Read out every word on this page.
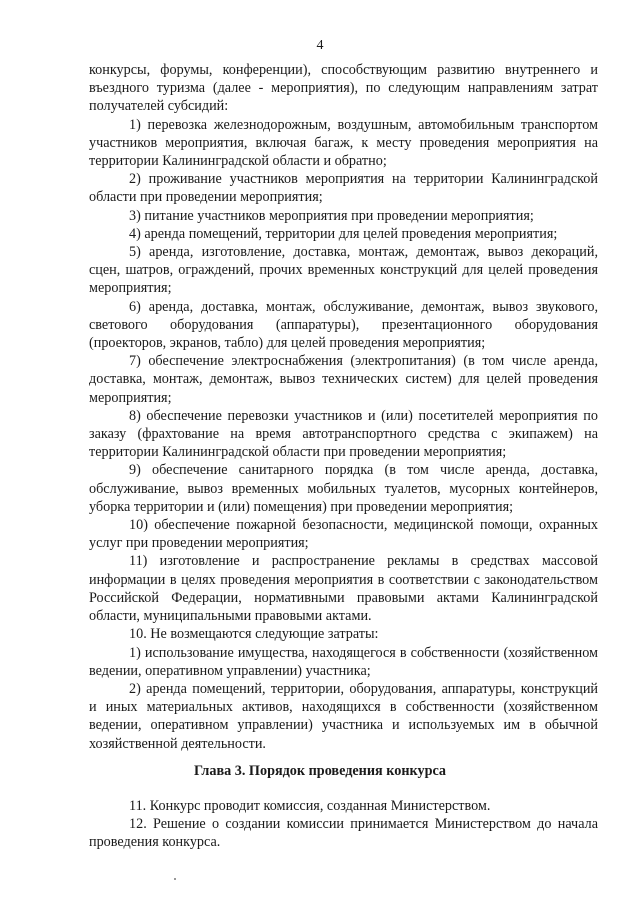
4

конкурсы, форумы, конференции), способствующим развитию внутреннего и въездного туризма (далее - мероприятия), по следующим направлениям затрат получателей субсидий:

1) перевозка железнодорожным, воздушным, автомобильным транспортом участников мероприятия, включая багаж, к месту проведения мероприятия на территории Калининградской области и обратно;

2) проживание участников мероприятия на территории Калининградской области при проведении мероприятия;

3) питание участников мероприятия при проведении мероприятия;

4) аренда помещений, территории для целей проведения мероприятия;

5) аренда, изготовление, доставка, монтаж, демонтаж, вывоз декораций, сцен, шатров, ограждений, прочих временных конструкций для целей проведения мероприятия;

6) аренда, доставка, монтаж, обслуживание, демонтаж, вывоз звукового, светового оборудования (аппаратуры), презентационного оборудования (проекторов, экранов, табло) для целей проведения мероприятия;

7) обеспечение электроснабжения (электропитания) (в том числе аренда, доставка, монтаж, демонтаж, вывоз технических систем) для целей проведения мероприятия;

8) обеспечение перевозки участников и (или) посетителей мероприятия по заказу (фрахтование на время автотранспортного средства с экипажем) на территории Калининградской области при проведении мероприятия;

9) обеспечение санитарного порядка (в том числе аренда, доставка, обслуживание, вывоз временных мобильных туалетов, мусорных контейнеров, уборка территории и (или) помещения) при проведении мероприятия;

10) обеспечение пожарной безопасности, медицинской помощи, охранных услуг при проведении мероприятия;

11) изготовление и распространение рекламы в средствах массовой информации в целях проведения мероприятия в соответствии с законодательством Российской Федерации, нормативными правовыми актами Калининградской области, муниципальными правовыми актами.

10. Не возмещаются следующие затраты:

1) использование имущества, находящегося в собственности (хозяйственном ведении, оперативном управлении) участника;

2) аренда помещений, территории, оборудования, аппаратуры, конструкций и иных материальных активов, находящихся в собственности (хозяйственном ведении, оперативном управлении) участника и используемых им в обычной хозяйственной деятельности.

Глава 3. Порядок проведения конкурса

11. Конкурс проводит комиссия, созданная Министерством.

12. Решение о создании комиссии принимается Министерством до начала проведения конкурса.
